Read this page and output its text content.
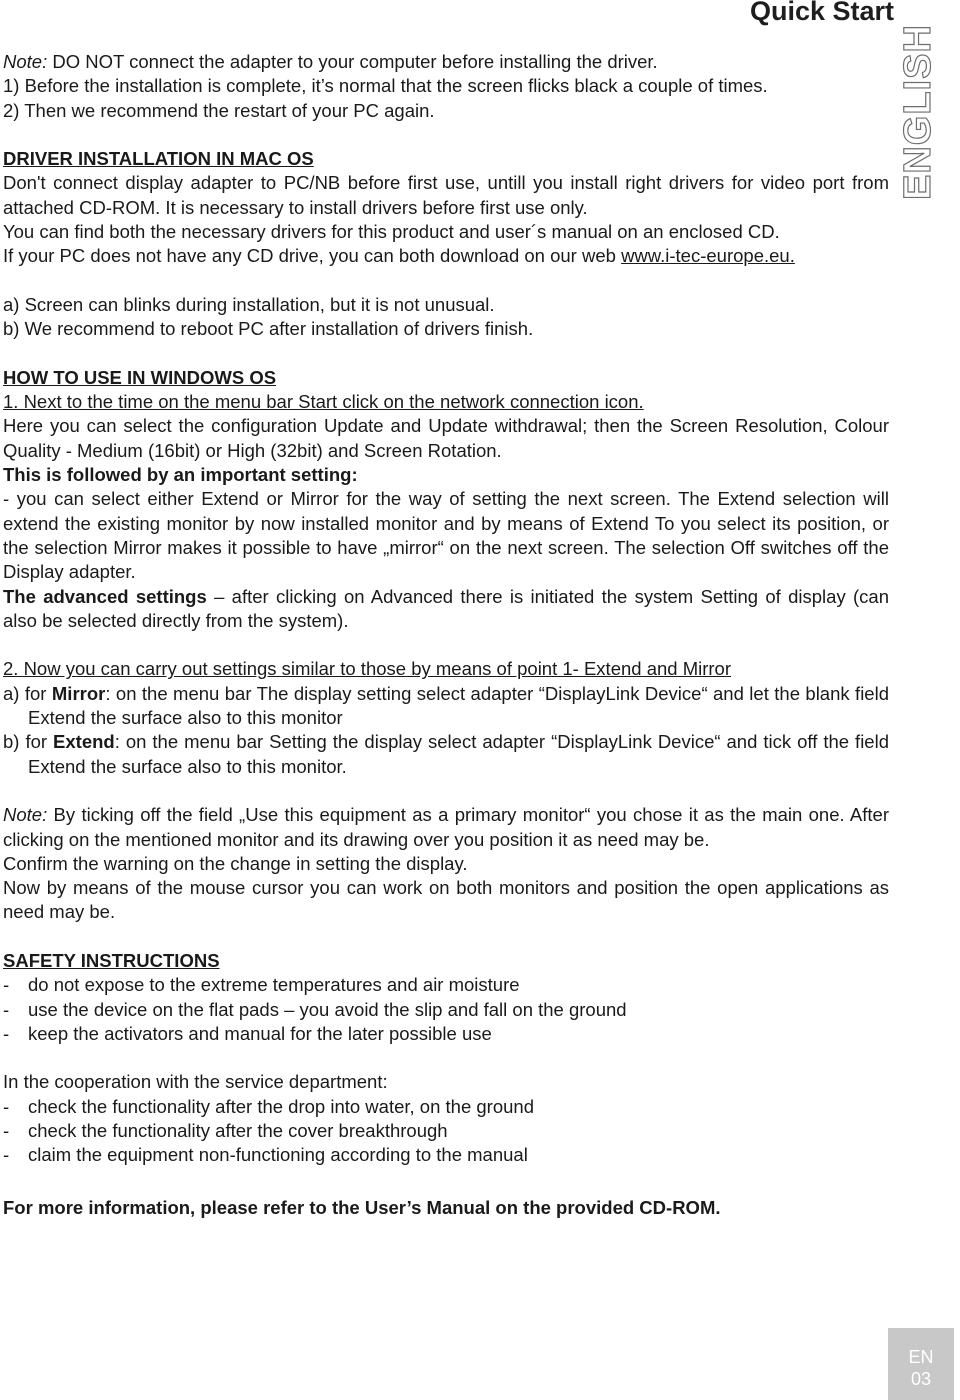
Quick Start
ENGLISH

Note: DO NOT connect the adapter to your computer before installing the driver.

1) Before the installation is complete, it’s normal that the screen flicks black a couple of times.

2) Then we recommend the restart of your PC again.

DRIVER INSTALLATION IN MAC OS

Don't connect display adapter to PC/NB before first use, untill you install right drivers for video port from attached CD-ROM. It is necessary to install drivers before first use only.

You can find both the necessary drivers for this product and user´s manual on an enclosed CD.

If your PC does not have any CD drive, you can both download on our web www.i-tec-europe.eu.

a) Screen can blinks during installation, but it is not unusual.

b) We recommend to reboot PC after installation of drivers finish.

HOW TO USE IN WINDOWS OS

1. Next to the time on the menu bar Start click on the network connection icon.

Here you can select the configuration Update and Update withdrawal; then the Screen Resolution, Colour Quality - Medium (16bit) or High (32bit) and Screen Rotation.

This is followed by an important setting:

- you can select either Extend or Mirror for the way of setting the next screen. The Extend selection will extend the existing monitor by now installed monitor and by means of Extend To you select its position, or the selection Mirror makes it possible to have „mirror“ on the next screen. The selection Off switches off the Display adapter.

The advanced settings – after clicking on Advanced there is initiated the system Setting of display (can also be selected directly from the system).

2. Now you can carry out settings similar to those by means of point 1- Extend and Mirror

a) for Mirror: on the menu bar The display setting select adapter “DisplayLink Device“ and let the blank field Extend the surface also to this monitor

b) for Extend: on the menu bar Setting the display select adapter “DisplayLink Device“ and tick off the field Extend the surface also to this monitor.

Note: By ticking off the field „Use this equipment as a primary monitor“ you chose it as the main one. After clicking on the mentioned monitor and its drawing over you position it as need may be.

Confirm the warning on the change in setting the display.

Now by means of the mouse cursor you can work on both monitors and position the open applications as need may be.

SAFETY INSTRUCTIONS

-	do not expose to the extreme temperatures and air moisture
-	use the device on the flat pads – you avoid the slip and fall on the ground
-	keep the activators and manual for the later possible use

In the cooperation with the service department:

-	check the functionality after the drop into water, on the ground
-	check the functionality after the cover breakthrough
-	claim the equipment non-functioning according to the manual

For more information, please refer to the User’s Manual on the provided CD-ROM.

EN
03
